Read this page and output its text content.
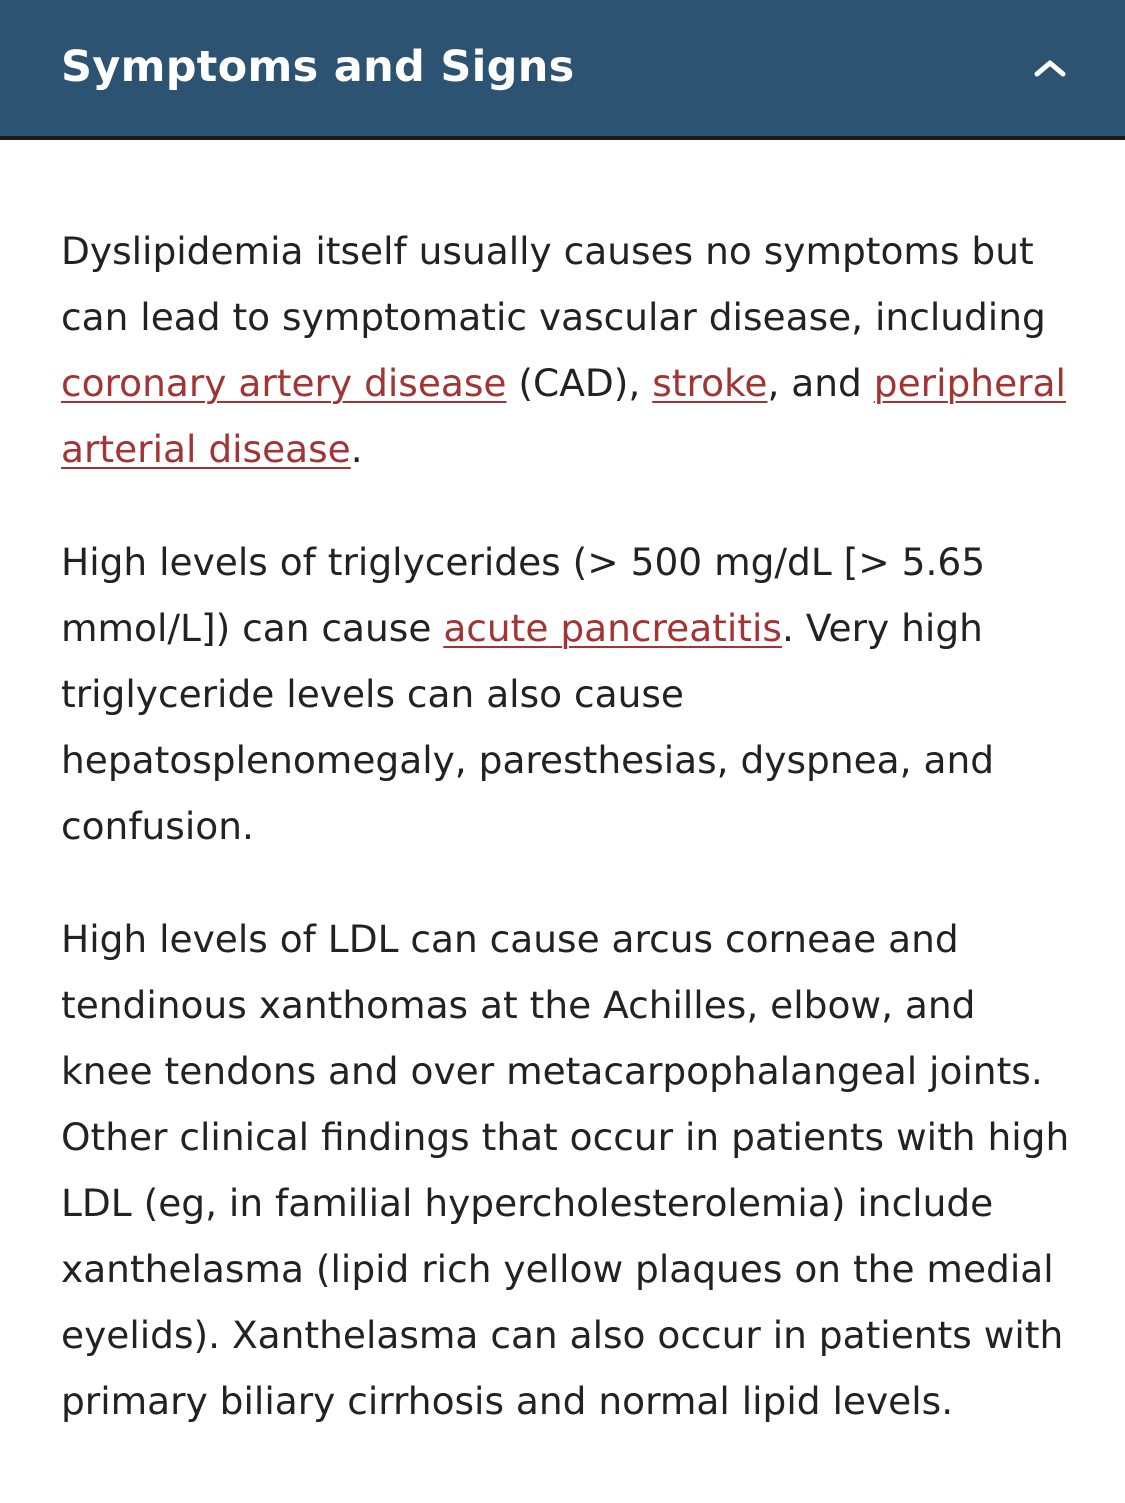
Symptoms and Signs

Dyslipidemia itself usually causes no symptoms but can lead to symptomatic vascular disease, including coronary artery disease (CAD), stroke, and peripheral arterial disease.

High levels of triglycerides (> 500 mg/dL [> 5.65 mmol/L]) can cause acute pancreatitis. Very high triglyceride levels can also cause hepatosplenomegaly, paresthesias, dyspnea, and confusion.

High levels of LDL can cause arcus corneae and tendinous xanthomas at the Achilles, elbow, and knee tendons and over metacarpophalangeal joints. Other clinical findings that occur in patients with high LDL (eg, in familial hypercholesterolemia) include xanthelasma (lipid rich yellow plaques on the medial eyelids). Xanthelasma can also occur in patients with primary biliary cirrhosis and normal lipid levels.
